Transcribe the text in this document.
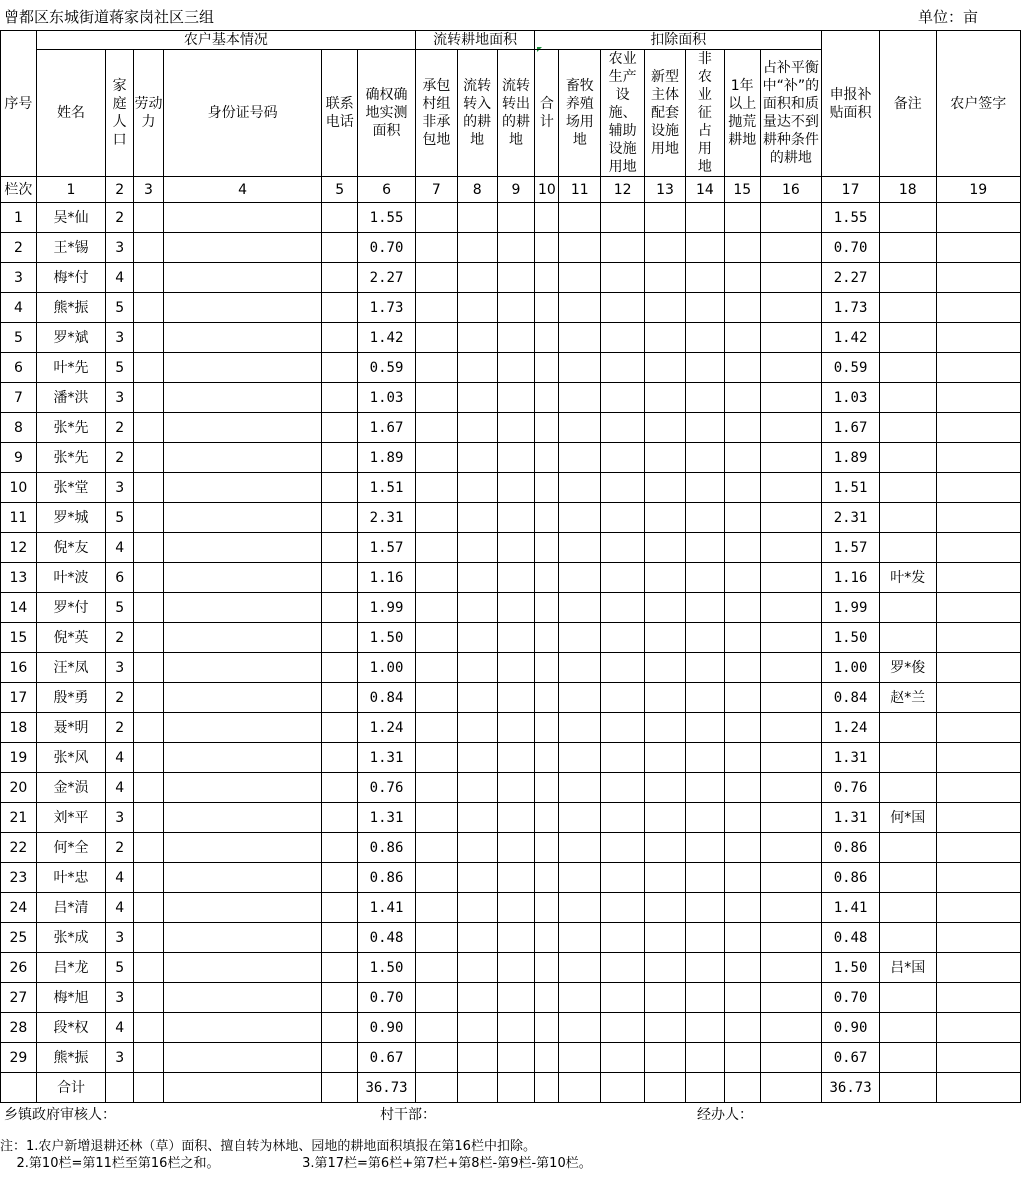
曾都区东城街道蒋家岗社区三组	单位：亩
序号	农户基本情况						流转耕地面积			扣除面积							申报补贴面积	备注	农户签字
	姓名	家庭人口	劳动力	身份证号码	联系电话	确权确地实测面积	承包村组非承包地	流转转入的耕地	流转转出的耕地	合计	畜牧养殖场用地	农业生产设施、辅助设施用地	新型主体配套设施用地	非农业征占用地	1年以上抛荒耕地	占补平衡中“补”的面积和质量达不到耕种条件的耕地			
栏次	1	2	3	4	5	6	7	8	9	10	11	12	13	14	15	16	17	18	19
1	吴*仙	2				1.55											1.55		
2	王*锡	3				0.70											0.70		
3	梅*付	4				2.27											2.27		
4	熊*振	5				1.73											1.73		
5	罗*斌	3				1.42											1.42		
6	叶*先	5				0.59											0.59		
7	潘*洪	3				1.03											1.03		
8	张*先	2				1.67											1.67		
9	张*先	2				1.89											1.89		
10	张*堂	3				1.51											1.51		
11	罗*城	5				2.31											2.31		
12	倪*友	4				1.57											1.57		
13	叶*波	6				1.16											1.16	叶*发	
14	罗*付	5				1.99											1.99		
15	倪*英	2				1.50											1.50		
16	汪*凤	3				1.00											1.00	罗*俊	
17	殷*勇	2				0.84											0.84	赵*兰	
18	聂*明	2				1.24											1.24		
19	张*风	4				1.31											1.31		
20	金*涢	4				0.76											0.76		
21	刘*平	3				1.31											1.31	何*国	
22	何*全	2				0.86											0.86		
23	叶*忠	4				0.86											0.86		
24	吕*清	4				1.41											1.41		
25	张*成	3				0.48											0.48		
26	吕*龙	5				1.50											1.50	吕*国	
27	梅*旭	3				0.70											0.70		
28	段*权	4				0.90											0.90		
29	熊*振	3				0.67											0.67		
	合计					36.73											36.73		
乡镇政府审核人：	村干部：	经办人：
注：1.农户新增退耕还林（草）面积、擅自转为林地、园地的耕地面积填报在第16栏中扣除。
2.第10栏=第11栏至第16栏之和。                    3.第17栏=第6栏+第7栏+第8栏-第9栏-第10栏。
